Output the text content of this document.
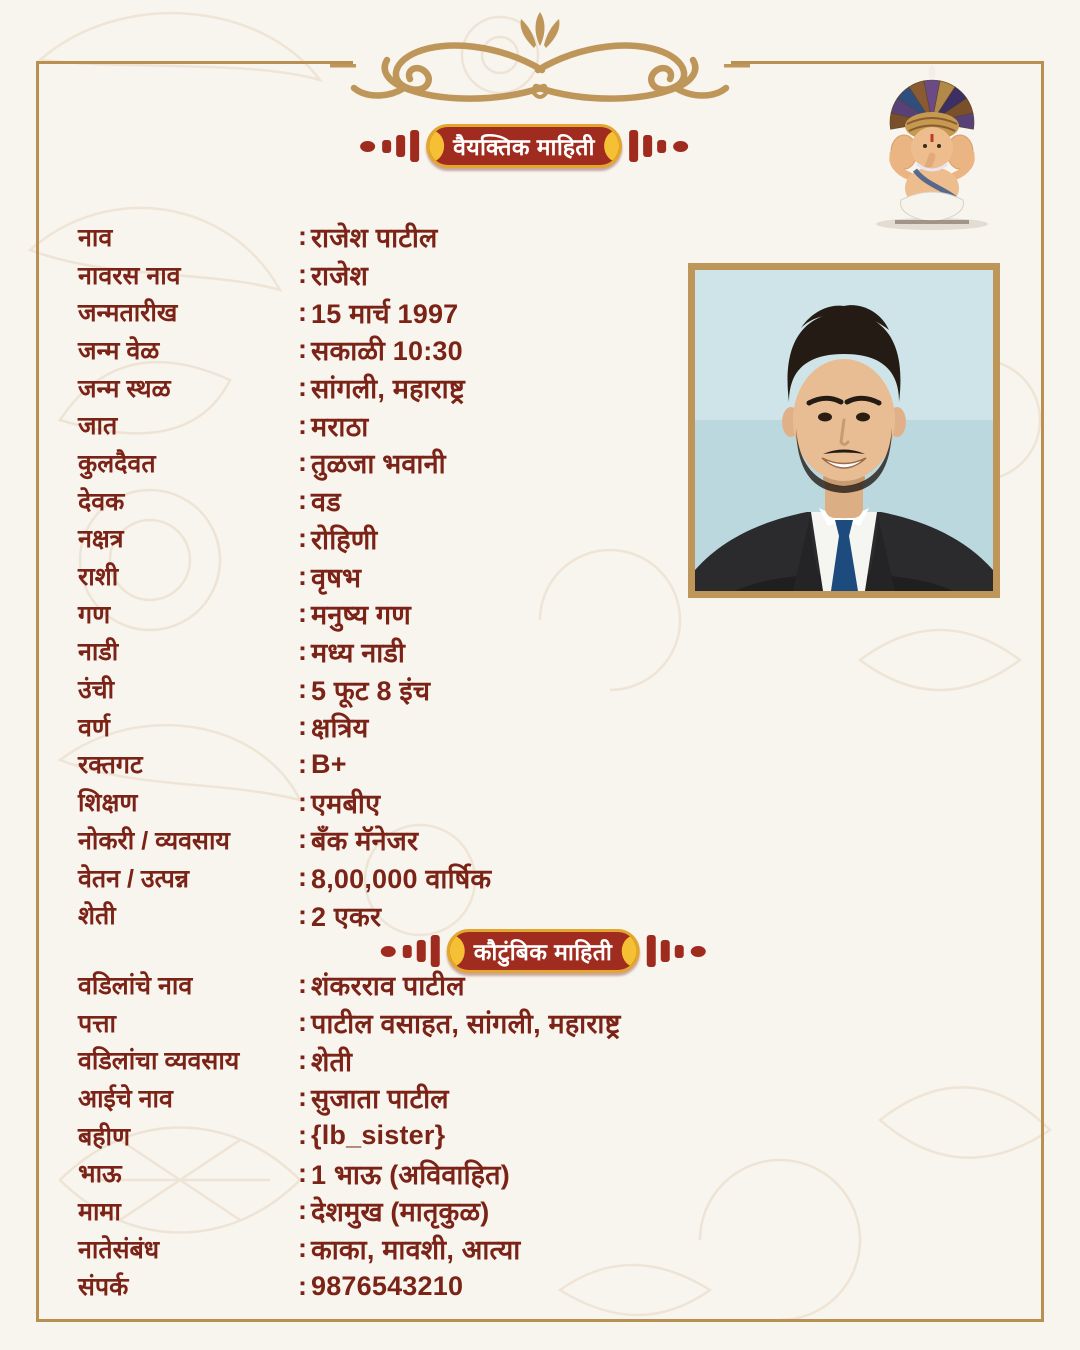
वैयक्तिक माहिती
नाव	: राजेश पाटील
नावरस नाव	: राजेश
जन्मतारीख	: 15 मार्च 1997
जन्म वेळ	: सकाळी 10:30
जन्म स्थळ	: सांगली, महाराष्ट्र
जात	: मराठा
कुलदैवत	: तुळजा भवानी
देवक	: वड
नक्षत्र	: रोहिणी
राशी	: वृषभ
गण	: मनुष्य गण
नाडी	: मध्य नाडी
उंची	: 5 फूट 8 इंच
वर्ण	: क्षत्रिय
रक्तगट	: B+
शिक्षण	: एमबीए
नोकरी / व्यवसाय	: बँक मॅनेजर
वेतन / उत्पन्न	: 8,00,000 वार्षिक
शेती	: 2 एकर
कौटुंबिक माहिती
वडिलांचे नाव	: शंकरराव पाटील
पत्ता	: पाटील वसाहत, सांगली, महाराष्ट्र
वडिलांचा व्यवसाय	: शेती
आईचे नाव	: सुजाता पाटील
बहीण	: {lb_sister}
भाऊ	: 1 भाऊ (अविवाहित)
मामा	: देशमुख (मातृकुळ)
नातेसंबंध	: काका, मावशी, आत्या
संपर्क	: 9876543210
